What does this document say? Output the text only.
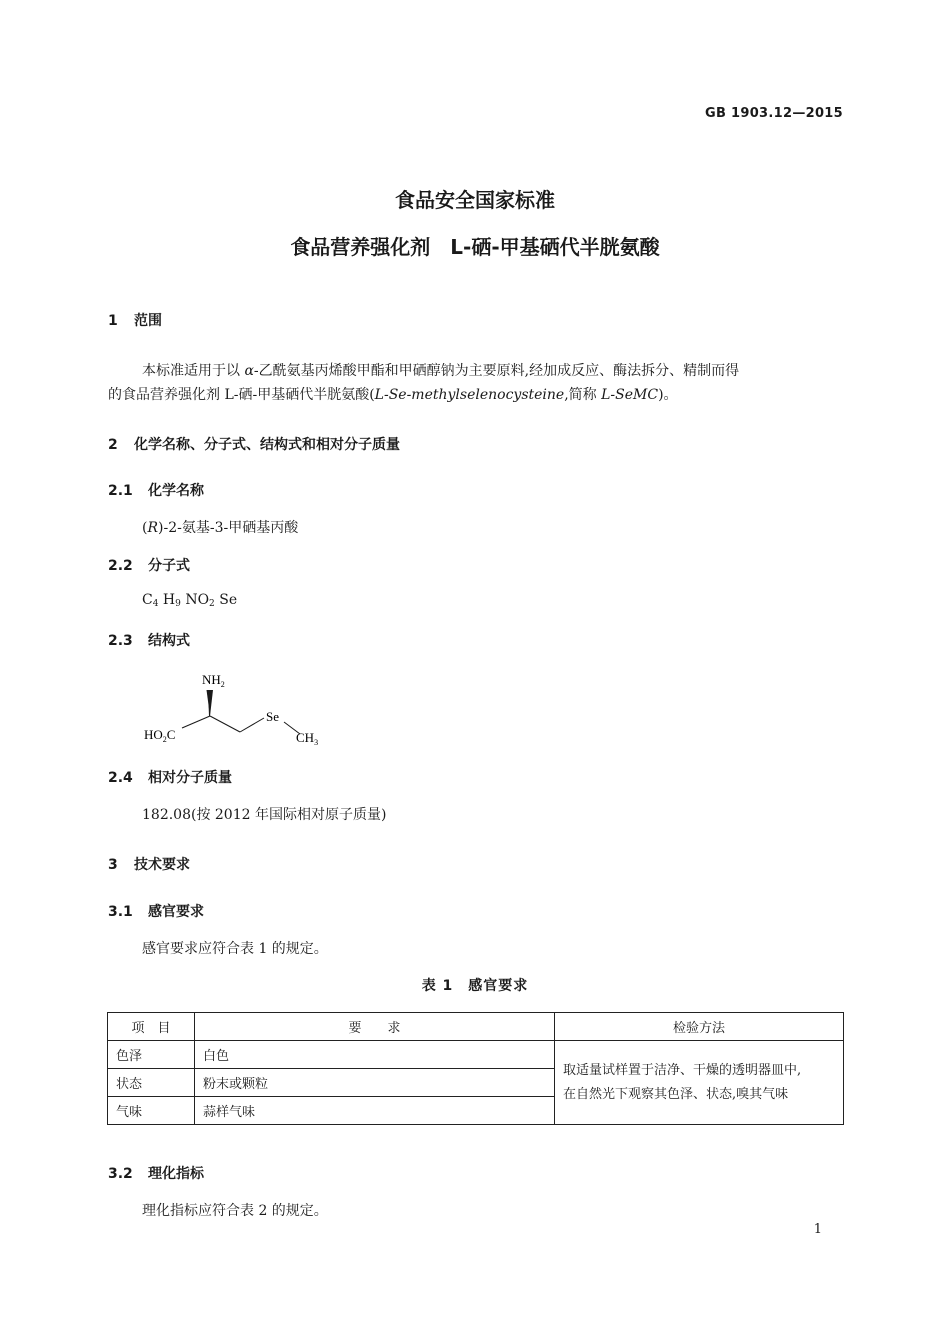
GB 1903.12—2015
食品安全国家标准
食品营养强化剂　L-硒-甲基硒代半胱氨酸
1 范围
本标准适用于以 α-乙酰氨基丙烯酸甲酯和甲硒醇钠为主要原料,经加成反应、酶法拆分、精制而得
的食品营养强化剂 L-硒-甲基硒代半胱氨酸(L-Se-methylselenocysteine,简称 L-SeMC)。
2 化学名称、分子式、结构式和相对分子质量
2.1 化学名称
(R)-2-氨基-3-甲硒基丙酸
2.2 分子式
$C_4$ $H_9$ $NO_2$ Se
2.3 结构式
$NH_2$
$HO_2C$
Se
$CH_3$
2.4 相对分子质量
182.08(按 2012 年国际相对原子质量)
3 技术要求
3.1 感官要求
感官要求应符合表 1 的规定。
表 1　感官要求
项　目	要　　求	检验方法
色泽	白色	取适量试样置于洁净、干燥的透明器皿中,
在自然光下观察其色泽、状态,嗅其气味

状态	粉末或颗粒	
气味	蒜样气味	
3.2 理化指标
理化指标应符合表 2 的规定。
1
